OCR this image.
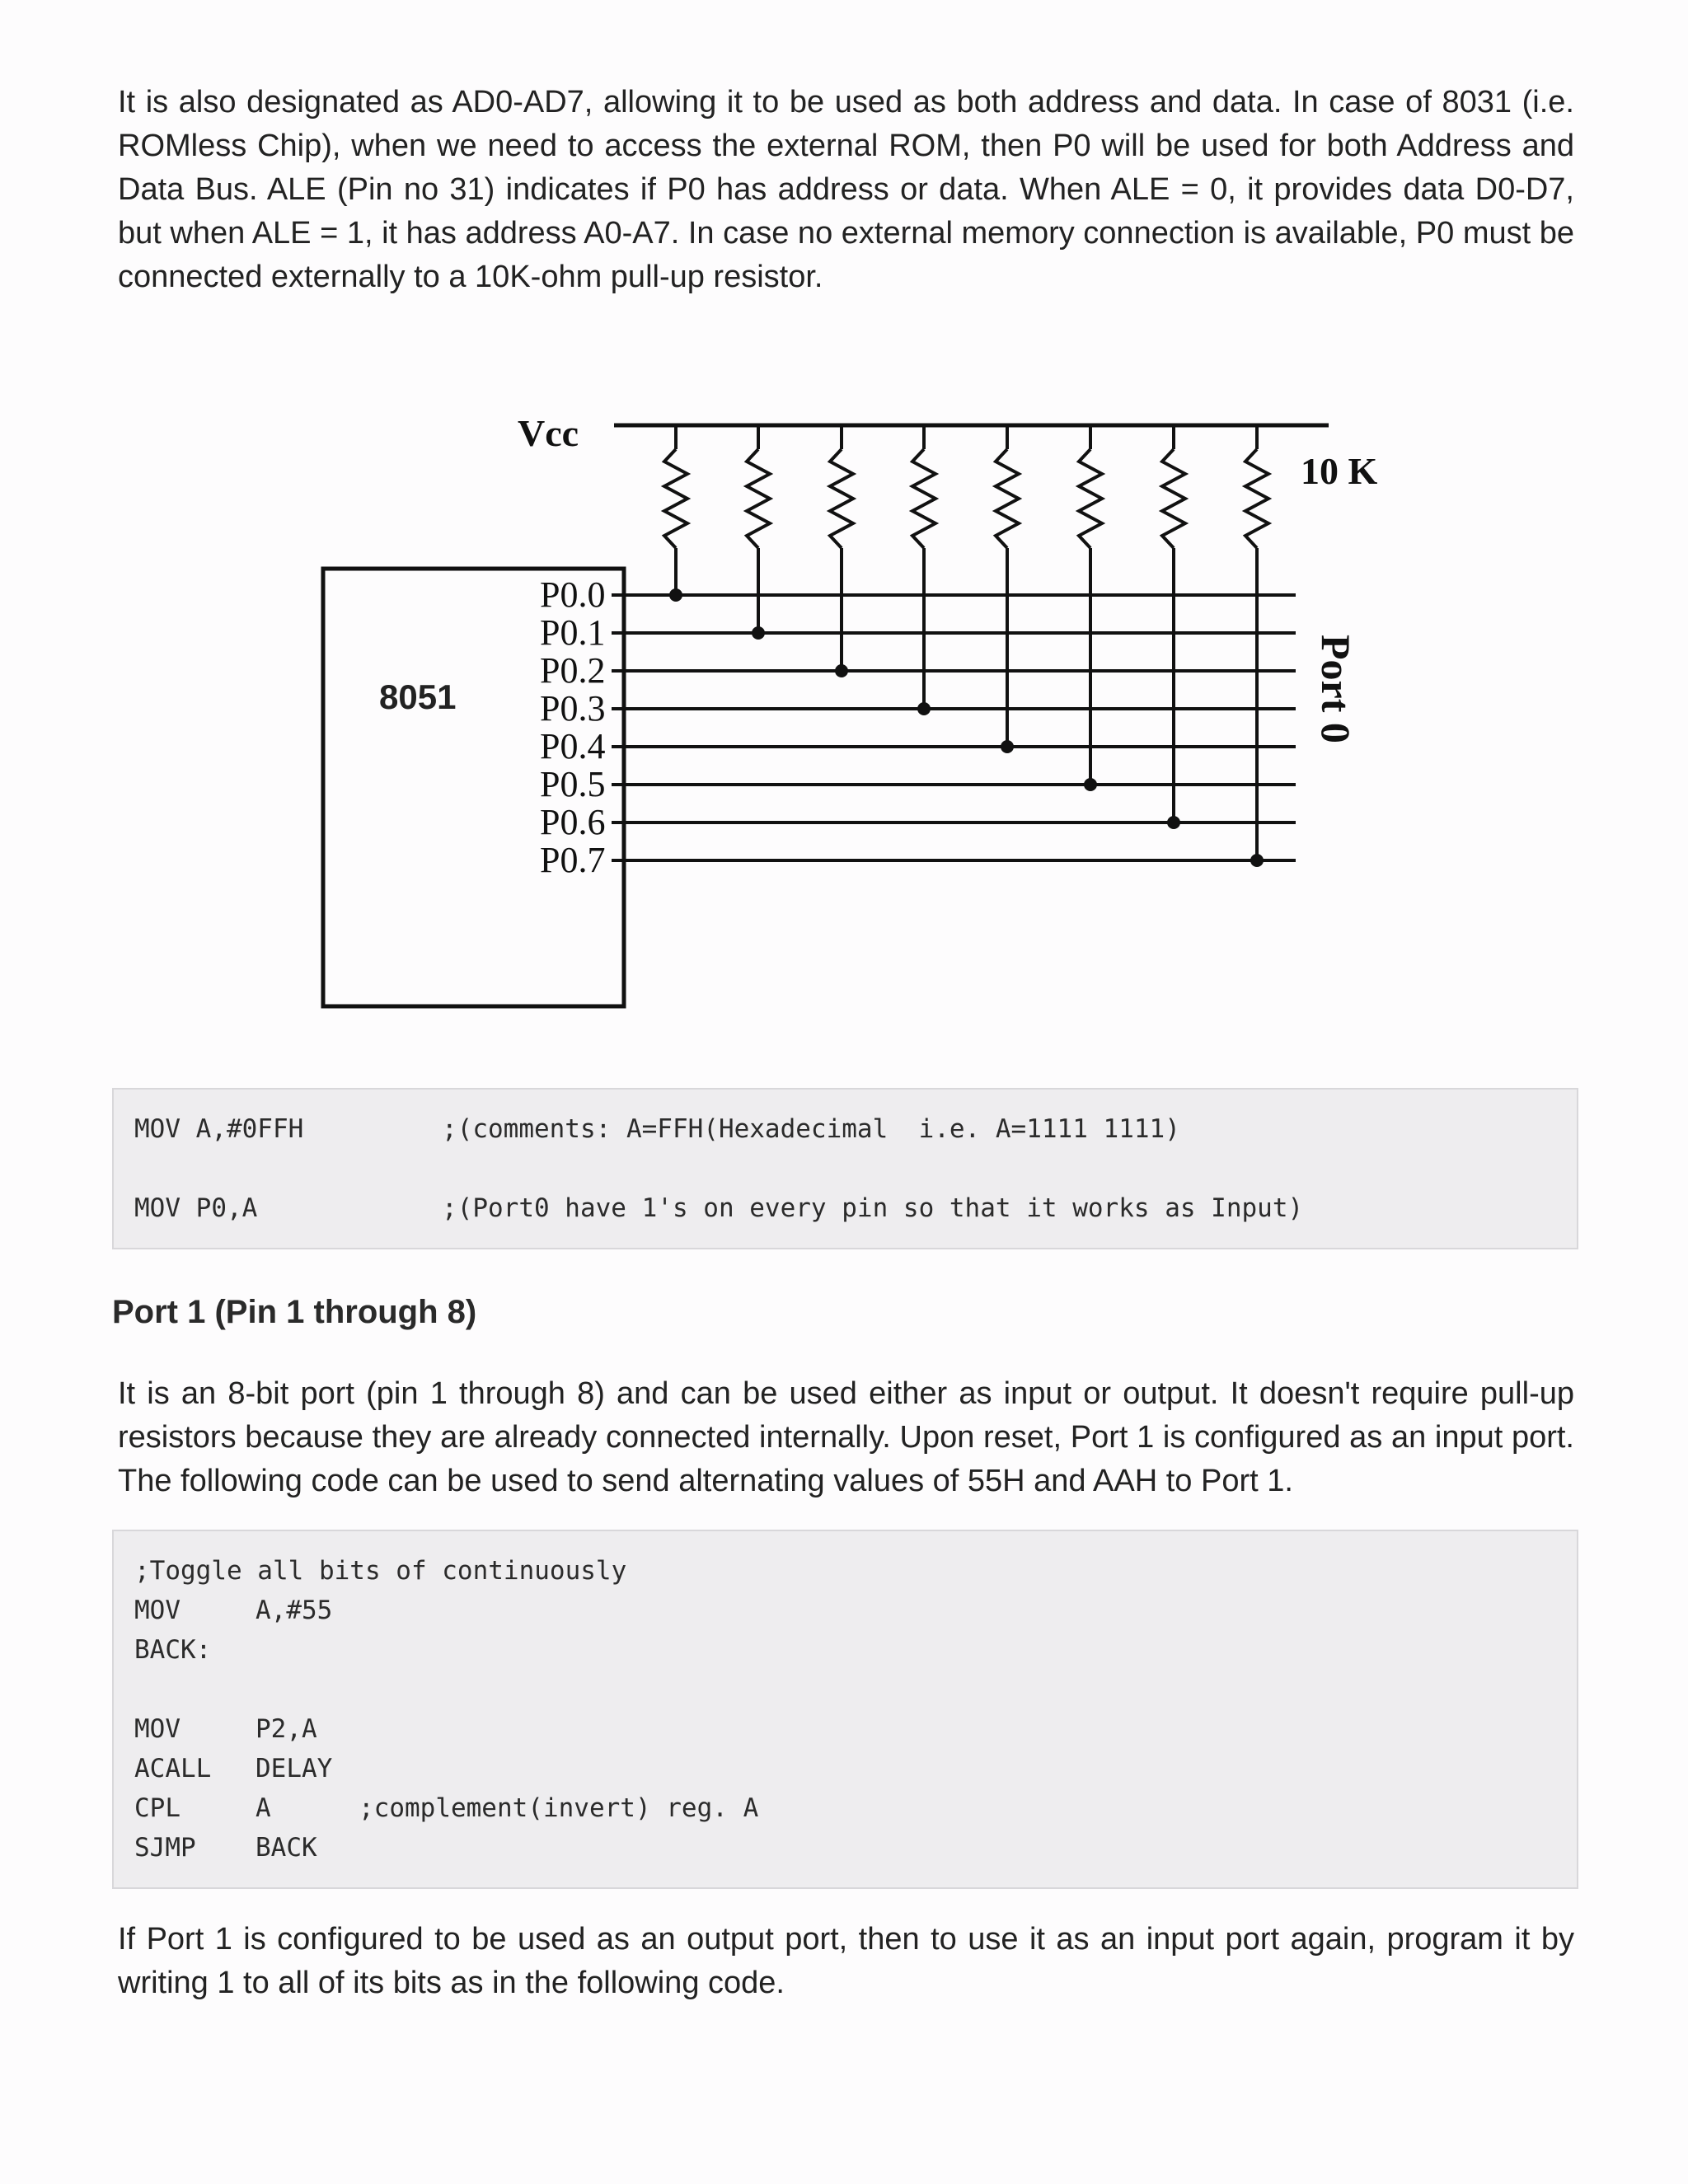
It is also designated as AD0-AD7, allowing it to be used as both address and data. In case of 8031 (i.e. ROMless Chip), when we need to access the external ROM, then P0 will be used for both Address and Data Bus. ALE (Pin no 31) indicates if P0 has address or data. When ALE = 0, it provides data D0-D7, but when ALE = 1, it has address A0-A7. In case no external memory connection is available, P0 must be connected externally to a 10K-ohm pull-up resistor.

Vcc
10 K
8051	Port 0
P0.0
P0.1
P0.2
P0.3
P0.4
P0.5
P0.6
P0.7
MOV A,#0FFH	;(comments: A=FFH(Hexadecimal  i.e. A=1111 1111)
MOV P0,A	;(Port0 have 1's on every pin so that it works as Input)
Port 1 (Pin 1 through 8)

It is an 8-bit port (pin 1 through 8) and can be used either as input or output. It doesn't require pull-up resistors because they are already connected internally. Upon reset, Port 1 is configured as an input port. The following code can be used to send alternating values of 55H and AAH to Port 1.

;Toggle all bits of continuously
MOV	A,#55
BACK:
MOV	P2,A
ACALL DELAY
CPL	A	;complement(invert) reg. A
SJMP BACK

If Port 1 is configured to be used as an output port, then to use it as an input port again, program it by writing 1 to all of its bits as in the following code.
